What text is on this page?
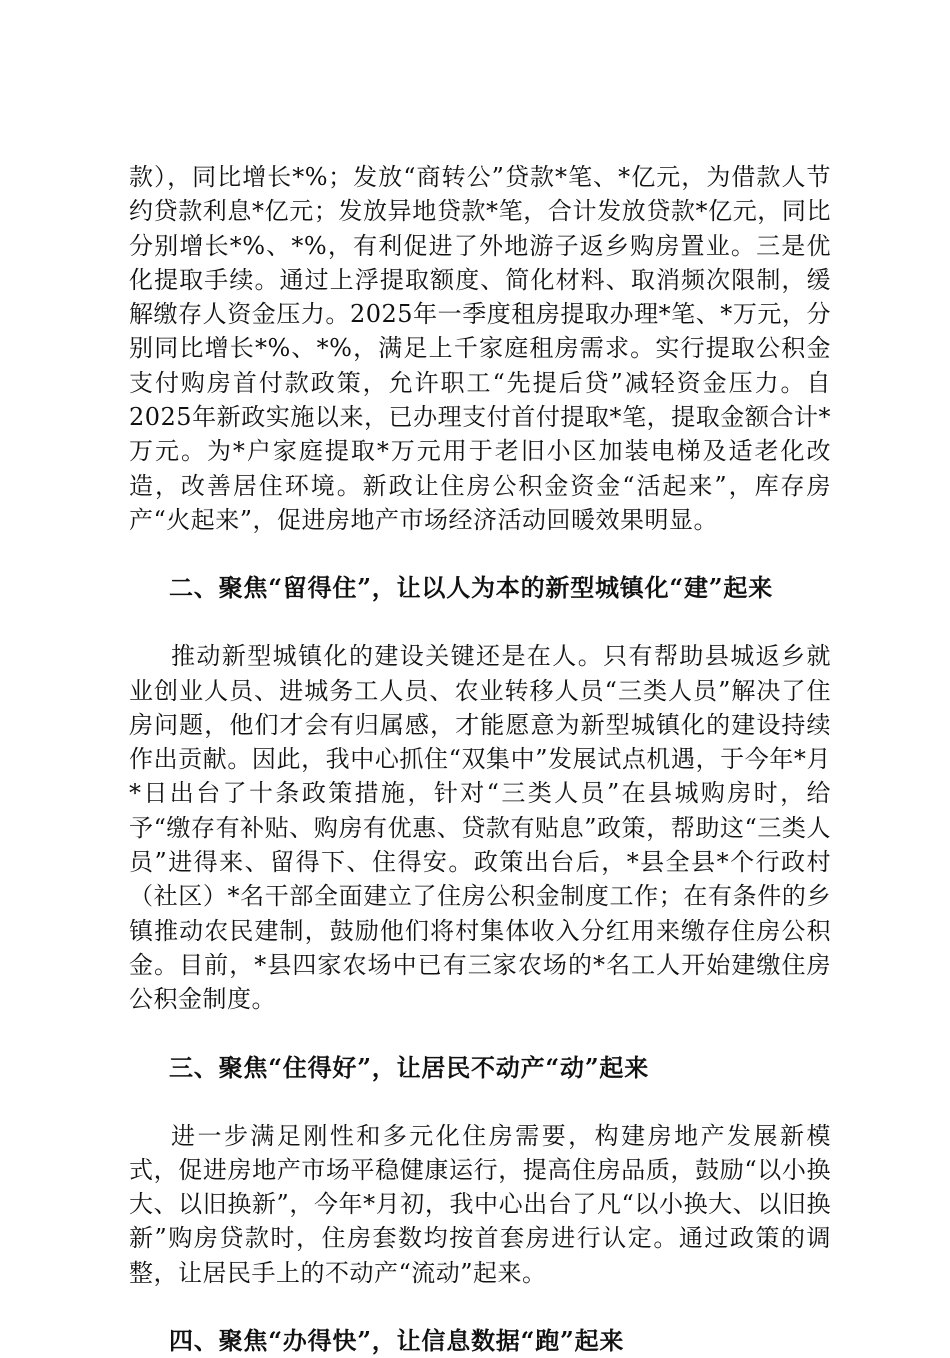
款），同比增长*%；发放“商转公”贷款*笔、*亿元，为借款人节约贷款利息*亿元；发放异地贷款*笔，合计发放贷款*亿元，同比分别增长*%、*%，有利促进了外地游子返乡购房置业。三是优化提取手续。通过上浮提取额度、简化材料、取消频次限制，缓解缴存人资金压力。2025年一季度租房提取办理*笔、*万元，分别同比增长*%、*%，满足上千家庭租房需求。实行提取公积金支付购房首付款政策，允许职工“先提后贷”减轻资金压力。自2025年新政实施以来，已办理支付首付提取*笔，提取金额合计*万元。为*户家庭提取*万元用于老旧小区加装电梯及适老化改造，改善居住环境。新政让住房公积金资金“活起来”，库存房产“火起来”，促进房地产市场经济活动回暖效果明显。

二、聚焦“留得住”，让以人为本的新型城镇化“建”起来

推动新型城镇化的建设关键还是在人。只有帮助县城返乡就业创业人员、进城务工人员、农业转移人员“三类人员”解决了住房问题，他们才会有归属感，才能愿意为新型城镇化的建设持续作出贡献。因此，我中心抓住“双集中”发展试点机遇，于今年*月*日出台了十条政策措施，针对“三类人员”在县城购房时，给予“缴存有补贴、购房有优惠、贷款有贴息”政策，帮助这“三类人员”进得来、留得下、住得安。政策出台后，*县全县*个行政村（社区）*名干部全面建立了住房公积金制度工作；在有条件的乡镇推动农民建制，鼓励他们将村集体收入分红用来缴存住房公积金。目前，*县四家农场中已有三家农场的*名工人开始建缴住房公积金制度。

三、聚焦“住得好”，让居民不动产“动”起来

进一步满足刚性和多元化住房需要，构建房地产发展新模式，促进房地产市场平稳健康运行，提高住房品质，鼓励“以小换大、以旧换新”，今年*月初，我中心出台了凡“以小换大、以旧换新”购房贷款时，住房套数均按首套房进行认定。通过政策的调整，让居民手上的不动产“流动”起来。

四、聚焦“办得快”，让信息数据“跑”起来
